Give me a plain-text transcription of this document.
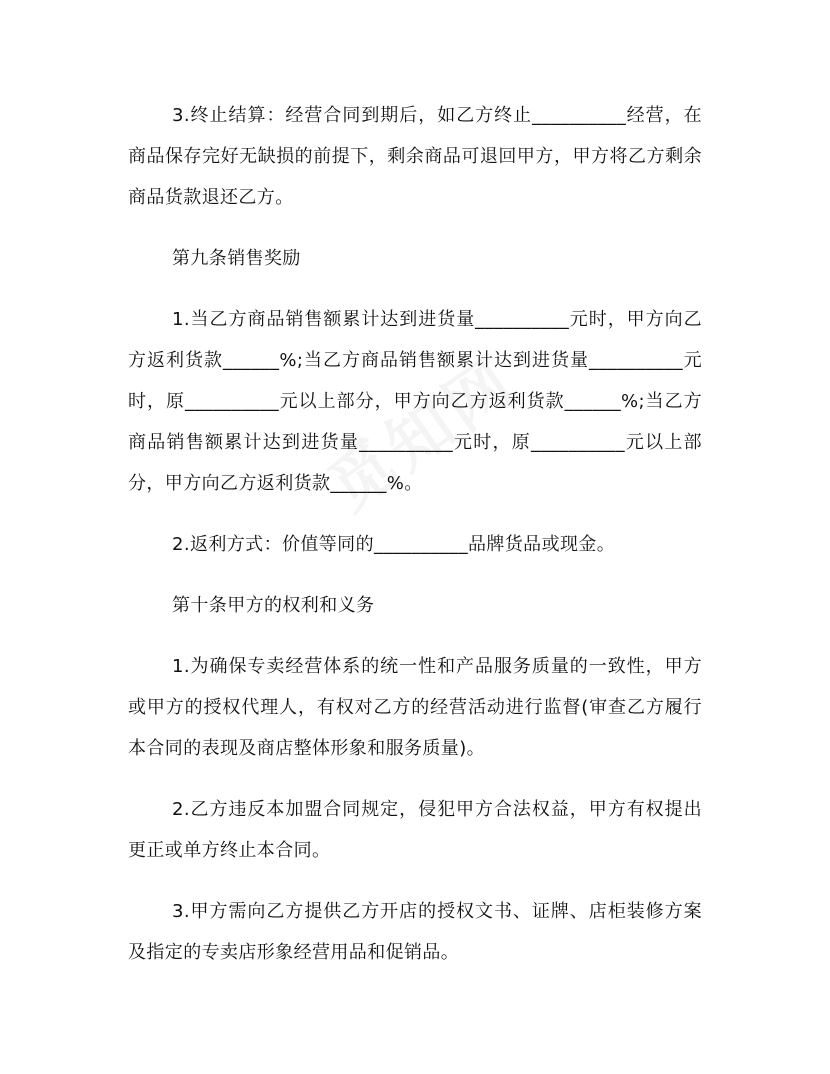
3.终止结算：经营合同到期后，如乙方终止__________经营，在商品保存完好无缺损的前提下，剩余商品可退回甲方，甲方将乙方剩余商品货款退还乙方。

第九条销售奖励

1.当乙方商品销售额累计达到进货量__________元时，甲方向乙方返利货款______%;当乙方商品销售额累计达到进货量__________元时，原__________元以上部分，甲方向乙方返利货款______%;当乙方商品销售额累计达到进货量__________元时，原__________元以上部分，甲方向乙方返利货款______%。

2.返利方式：价值等同的__________品牌货品或现金。

第十条甲方的权利和义务

1.为确保专卖经营体系的统一性和产品服务质量的一致性，甲方或甲方的授权代理人，有权对乙方的经营活动进行监督(审查乙方履行本合同的表现及商店整体形象和服务质量)。

2.乙方违反本加盟合同规定，侵犯甲方合法权益，甲方有权提出更正或单方终止本合同。

3.甲方需向乙方提供乙方开店的授权文书、证牌、店柜装修方案及指定的专卖店形象经营用品和促销品。
